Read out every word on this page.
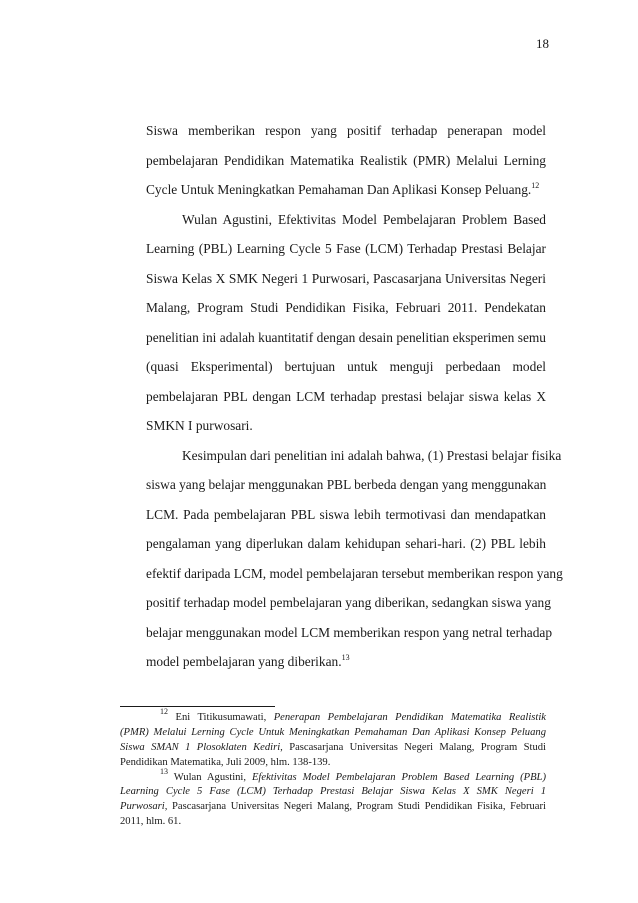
18
Siswa memberikan respon yang positif terhadap penerapan model
pembelajaran Pendidikan Matematika Realistik (PMR) Melalui Lerning
Cycle Untuk Meningkatkan Pemahaman Dan Aplikasi Konsep Peluang.$^{12}$
Wulan Agustini, Efektivitas Model Pembelajaran Problem Based
Learning (PBL) Learning Cycle 5 Fase (LCM) Terhadap Prestasi Belajar
Siswa Kelas X SMK Negeri 1 Purwosari, Pascasarjana Universitas Negeri
Malang, Program Studi Pendidikan Fisika, Februari 2011. Pendekatan
penelitian ini adalah kuantitatif dengan desain penelitian eksperimen semu
(quasi Eksperimental) bertujuan untuk menguji perbedaan model
pembelajaran PBL dengan LCM terhadap prestasi belajar siswa kelas X
SMKN I purwosari.
Kesimpulan dari penelitian ini adalah bahwa, (1) Prestasi belajar fisika
siswa yang belajar menggunakan PBL berbeda dengan yang menggunakan
LCM. Pada pembelajaran PBL siswa lebih termotivasi dan mendapatkan
pengalaman yang diperlukan dalam kehidupan sehari-hari. (2) PBL lebih
efektif daripada LCM, model pembelajaran tersebut memberikan respon yang
positif terhadap model pembelajaran yang diberikan, sedangkan siswa yang
belajar menggunakan model LCM memberikan respon yang netral terhadap
model pembelajaran yang diberikan.$^{13}$
$^{12}$ Eni Titikusumawati, Penerapan Pembelajaran Pendidikan Matematika Realistik
(PMR) Melalui Lerning Cycle Untuk Meningkatkan Pemahaman Dan Aplikasi Konsep Peluang
Siswa SMAN 1 Plosoklaten Kediri, Pascasarjana Universitas Negeri Malang, Program Studi
Pendidikan Matematika, Juli 2009, hlm. 138-139.
$^{13}$ Wulan Agustini, Efektivitas Model Pembelajaran Problem Based Learning (PBL)
Learning Cycle 5 Fase (LCM) Terhadap Prestasi Belajar Siswa Kelas X SMK Negeri 1
Purwosari, Pascasarjana Universitas Negeri Malang, Program Studi Pendidikan Fisika, Februari
2011, hlm. 61.
